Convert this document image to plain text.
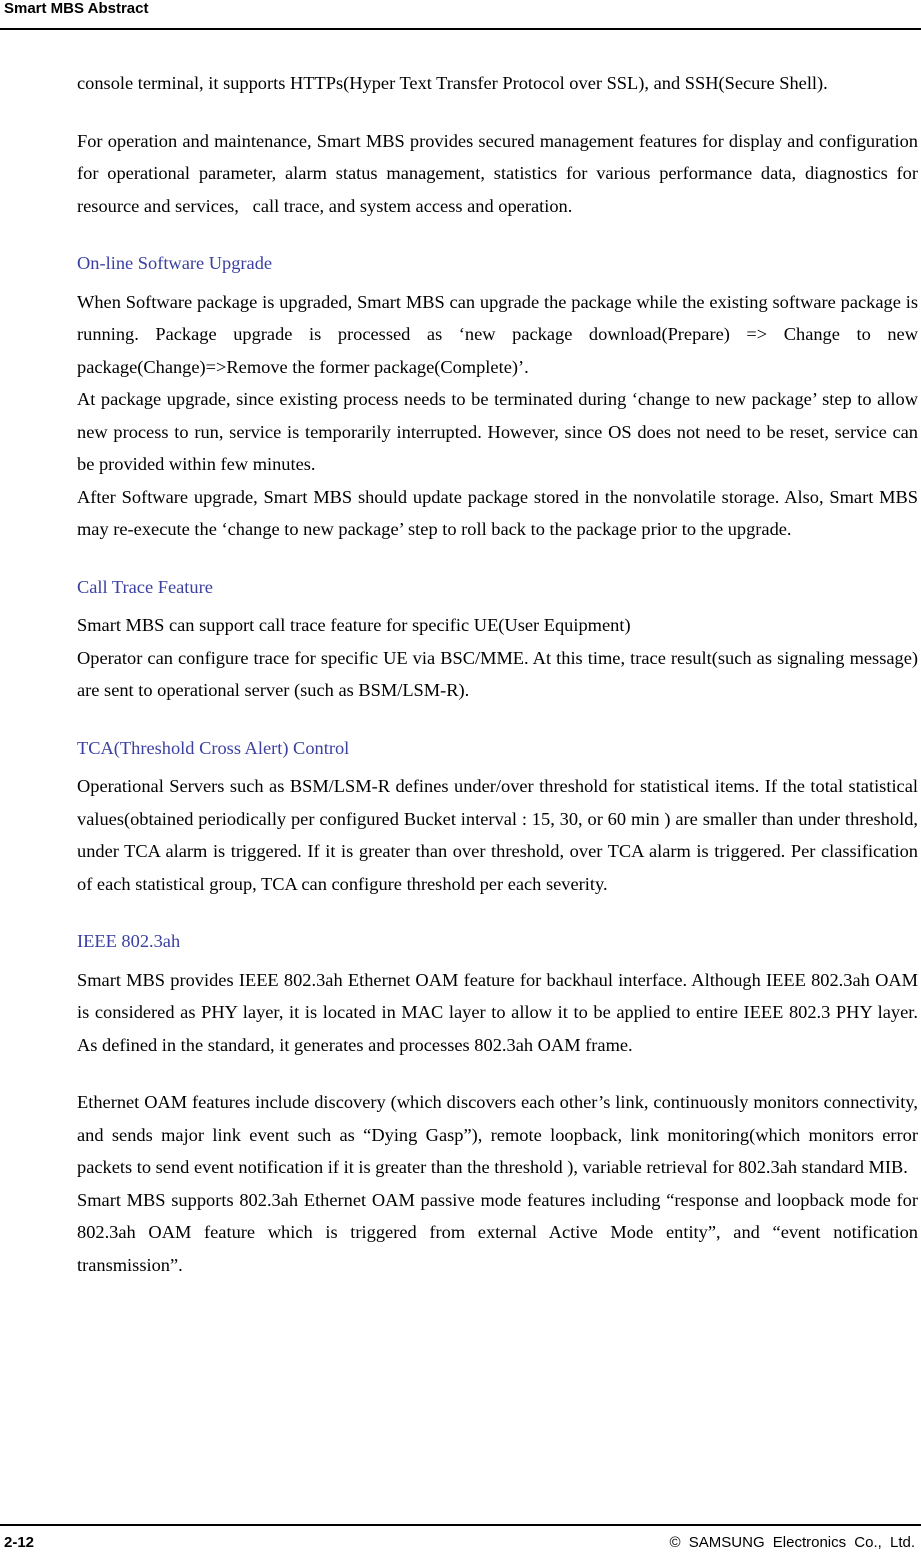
Smart MBS Abstract

console terminal, it supports HTTPs(Hyper Text Transfer Protocol over SSL), and SSH(Secure Shell).

For operation and maintenance, Smart MBS provides secured management features for display and configuration for operational parameter, alarm status management, statistics for various performance data, diagnostics for resource and services,   call trace, and system access and operation.

On-line Software Upgrade

When Software package is upgraded, Smart MBS can upgrade the package while the existing software package is running. Package upgrade is processed as ‘new package download(Prepare) => Change to new package(Change)=>Remove the former package(Complete)’.

At package upgrade, since existing process needs to be terminated during ‘change to new package’ step to allow new process to run, service is temporarily interrupted. However, since OS does not need to be reset, service can be provided within few minutes.

After Software upgrade, Smart MBS should update package stored in the nonvolatile storage. Also, Smart MBS may re-execute the ‘change to new package’ step to roll back to the package prior to the upgrade.

Call Trace Feature

Smart MBS can support call trace feature for specific UE(User Equipment)

Operator can configure trace for specific UE via BSC/MME. At this time, trace result(such as signaling message) are sent to operational server (such as BSM/LSM-R).

TCA(Threshold Cross Alert) Control

Operational Servers such as BSM/LSM-R defines under/over threshold for statistical items. If the total statistical values(obtained periodically per configured Bucket interval : 15, 30, or 60 min ) are smaller than under threshold, under TCA alarm is triggered. If it is greater than over threshold, over TCA alarm is triggered. Per classification of each statistical group, TCA can configure threshold per each severity.

IEEE 802.3ah

Smart MBS provides IEEE 802.3ah Ethernet OAM feature for backhaul interface. Although IEEE 802.3ah OAM is considered as PHY layer, it is located in MAC layer to allow it to be applied to entire IEEE 802.3 PHY layer. As defined in the standard, it generates and processes 802.3ah OAM frame.

Ethernet OAM features include discovery (which discovers each other’s link, continuously monitors connectivity, and sends major link event such as “Dying Gasp”), remote loopback, link monitoring(which monitors error packets to send event notification if it is greater than the threshold ), variable retrieval for 802.3ah standard MIB.

Smart MBS supports 802.3ah Ethernet OAM passive mode features including “response and loopback mode for 802.3ah OAM feature which is triggered from external Active Mode entity”, and “event notification transmission”.

2-12	© SAMSUNG Electronics Co., Ltd.
